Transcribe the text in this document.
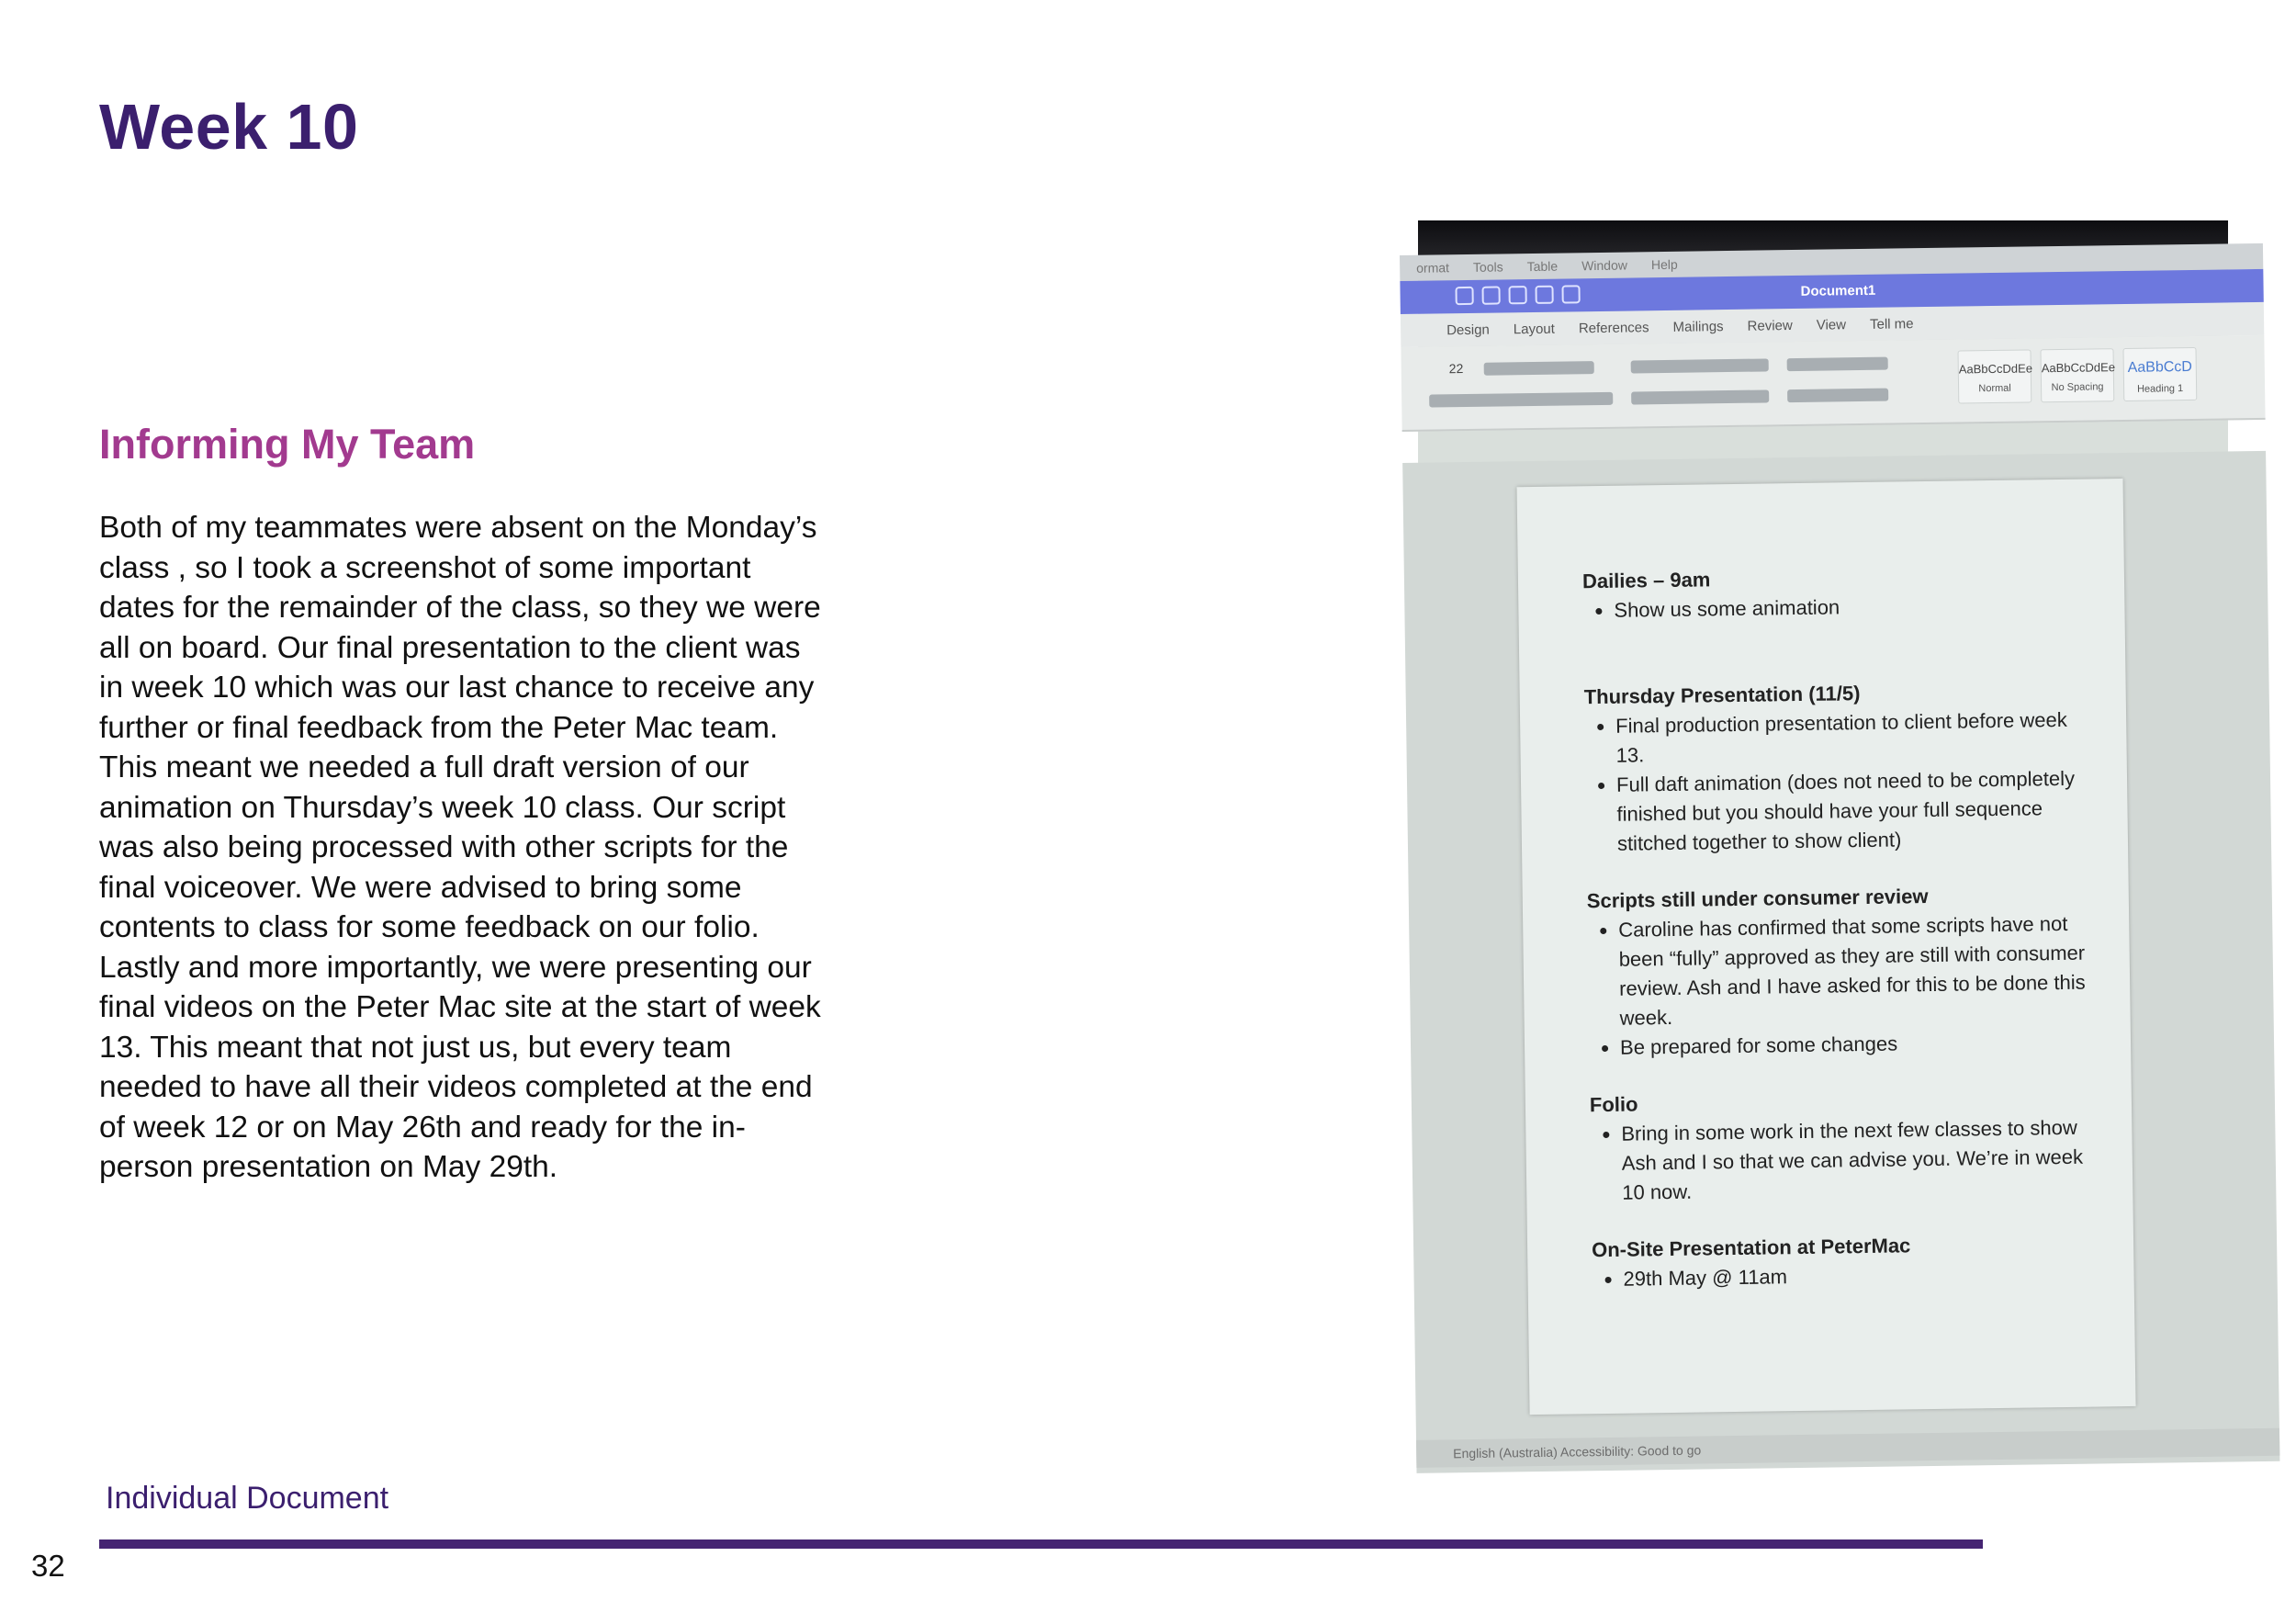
Week 10
Informing My Team

Both of my teammates were absent on the Monday’s class , so I took a screenshot of some important dates for the remainder of the class, so they we were all on board. Our final presentation to the client was in week 10 which was our last chance to receive any further or final feedback from the Peter Mac team. This meant we needed a full draft version of our animation on Thursday’s week 10 class. Our script was also being processed with other scripts for the final voiceover. We were advised to bring some contents to class for some feedback on our folio. Lastly and more importantly, we were presenting our final videos on the Peter Mac site at the start of week 13. This meant that not just us, but every team needed to have all their videos completed at the end of week 12 or on May 26th and ready for the in-person presentation on May 29th.

ormat Tools Table Window Help
Document1
Design Layout References Mailings Review View Tell me
22	AaBbCcDdEe
Normal
AaBbCcDdEe
No Spacing
AaBbCcD
Heading 1

Dailies – 9am

• Show us some animation

Thursday Presentation (11/5)

• Final production presentation to client before week 13.
• Full daft animation (does not need to be completely finished but you should have your full sequence stitched together to show client)

Scripts still under consumer review

• Caroline has confirmed that some scripts have not been “fully” approved as they are still with consumer review. Ash and I have asked for this to be done this week.
• Be prepared for some changes

Folio

• Bring in some work in the next few classes to show Ash and I so that we can advise you. We’re in week 10 now.

On-Site Presentation at PeterMac

• 29th May @ 11am
English (Australia) Accessibility: Good to go
Individual Document
32
